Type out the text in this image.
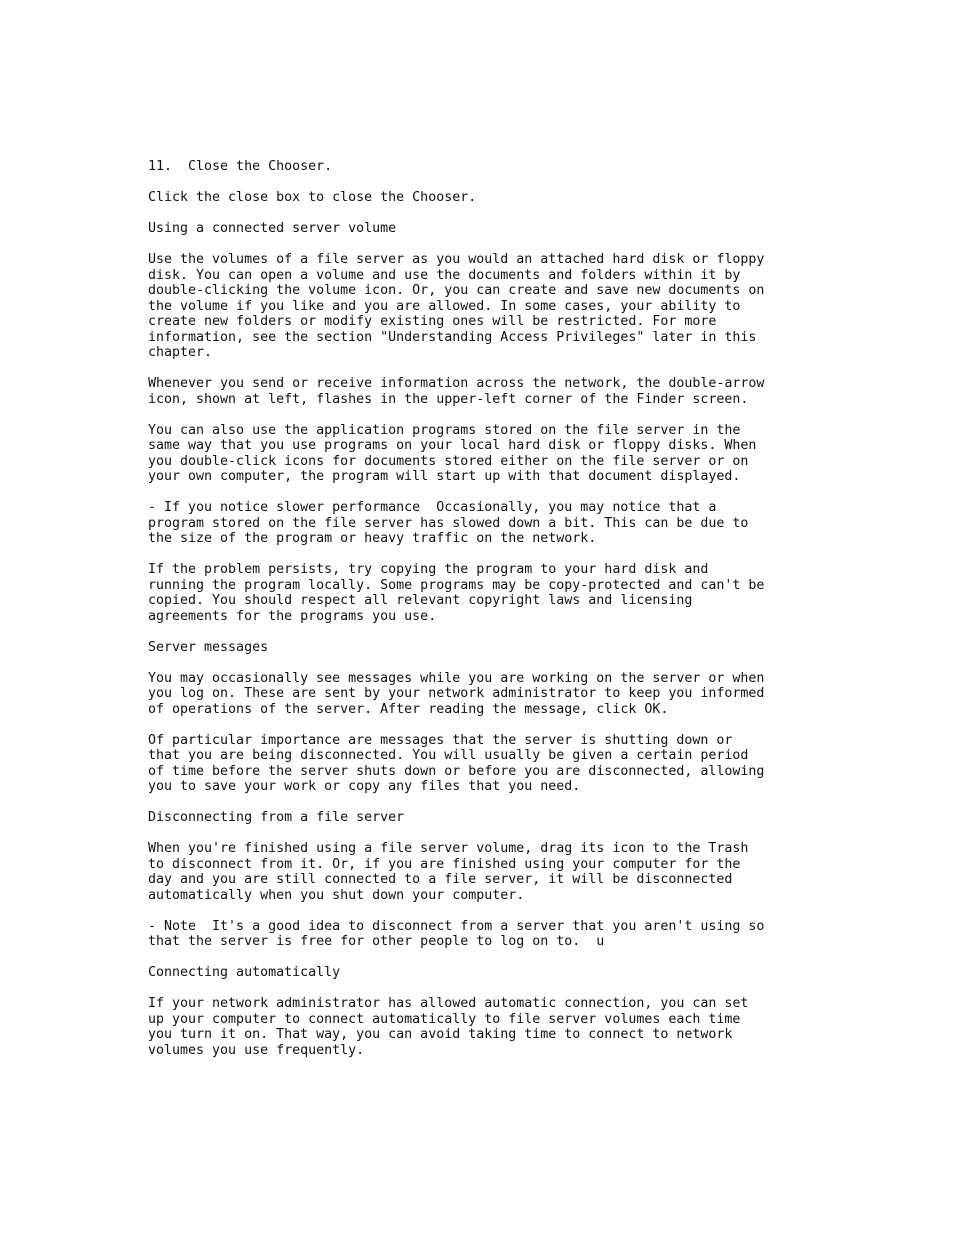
11.  Close the Chooser.
Click the close box to close the Chooser.
Using a connected server volume
Use the volumes of a file server as you would an attached hard disk or floppy
disk. You can open a volume and use the documents and folders within it by
double-clicking the volume icon. Or, you can create and save new documents on
the volume if you like and you are allowed. In some cases, your ability to
create new folders or modify existing ones will be restricted. For more
information, see the section "Understanding Access Privileges" later in this
chapter.
Whenever you send or receive information across the network, the double-arrow
icon, shown at left, flashes in the upper-left corner of the Finder screen.
You can also use the application programs stored on the file server in the
same way that you use programs on your local hard disk or floppy disks. When
you double-click icons for documents stored either on the file server or on
your own computer, the program will start up with that document displayed.
- If you notice slower performance  Occasionally, you may notice that a
program stored on the file server has slowed down a bit. This can be due to
the size of the program or heavy traffic on the network.
If the problem persists, try copying the program to your hard disk and
running the program locally. Some programs may be copy-protected and can't be
copied. You should respect all relevant copyright laws and licensing
agreements for the programs you use.
Server messages
You may occasionally see messages while you are working on the server or when
you log on. These are sent by your network administrator to keep you informed
of operations of the server. After reading the message, click OK.
Of particular importance are messages that the server is shutting down or
that you are being disconnected. You will usually be given a certain period
of time before the server shuts down or before you are disconnected, allowing
you to save your work or copy any files that you need.
Disconnecting from a file server
When you're finished using a file server volume, drag its icon to the Trash
to disconnect from it. Or, if you are finished using your computer for the
day and you are still connected to a file server, it will be disconnected
automatically when you shut down your computer.
- Note  It's a good idea to disconnect from a server that you aren't using so
that the server is free for other people to log on to.  u
Connecting automatically
If your network administrator has allowed automatic connection, you can set
up your computer to connect automatically to file server volumes each time
you turn it on. That way, you can avoid taking time to connect to network
volumes you use frequently.
